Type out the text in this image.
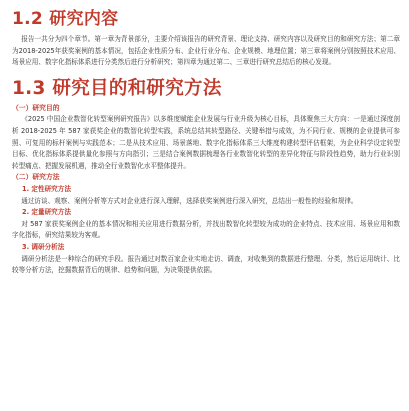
1.2 研究内容

报告一共分为四个章节。第一章为背景部分，主要介绍该报告的研究背景、理论支持、研究内容以及研究目的和研究方法；第二章为2018-2025年获奖案例的基本情况，包括企业性质分布、企业行业分布、企业规模、地理位置；第三章将案例分别按照技术应用、场景应用、数字化指标体系进行分类然后进行分析研究；第四章为通过第二、三章进行研究总结后的核心发现。

1.3 研究目的和研究方法
（一）研究目的

《2025 中国企业数智化转型案例研究报告》以多维度赋能企业发展与行业升级为核心目标，具体聚焦三大方向：一是通过深度剖析 2018-2025 年 587 家获奖企业的数智化转型实践，系统总结其转型路径、关键举措与成效，为不同行业、规模的企业提供可参照、可复用的标杆案例与实践范本；二是从技术应用、场景落地、数字化指标体系三大维度构建转型评估框架，为企业科学设定转型目标、优化指标体系提供量化参照与方向指引；三是结合案例数据梳理各行业数智化转型的差异化特征与阶段性趋势，助力行业识别转型痛点、把握发展机遇，推动全行业数智化水平整体提升。

（二）研究方法
1. 定性研究方法

通过访谈、观察、案例分析等方式对企业进行深入理解，选择获奖案例进行深入研究，总结出一般性的经验和规律。

2. 定量研究方法

对 587 家获奖案例企业的基本情况和相关应用进行数据分析，并找出数智化转型较为成功的企业特点、技术应用、场景应用和数字化指标，研究结果较为客观。

3. 调研分析法

调研分析法是一种综合的研究手段。报告通过对数百家企业实地走访、调查，对收集到的数据进行整理、分类，然后运用统计、比较等分析方法，挖掘数据背后的规律、趋势和问题，为决策提供依据。
